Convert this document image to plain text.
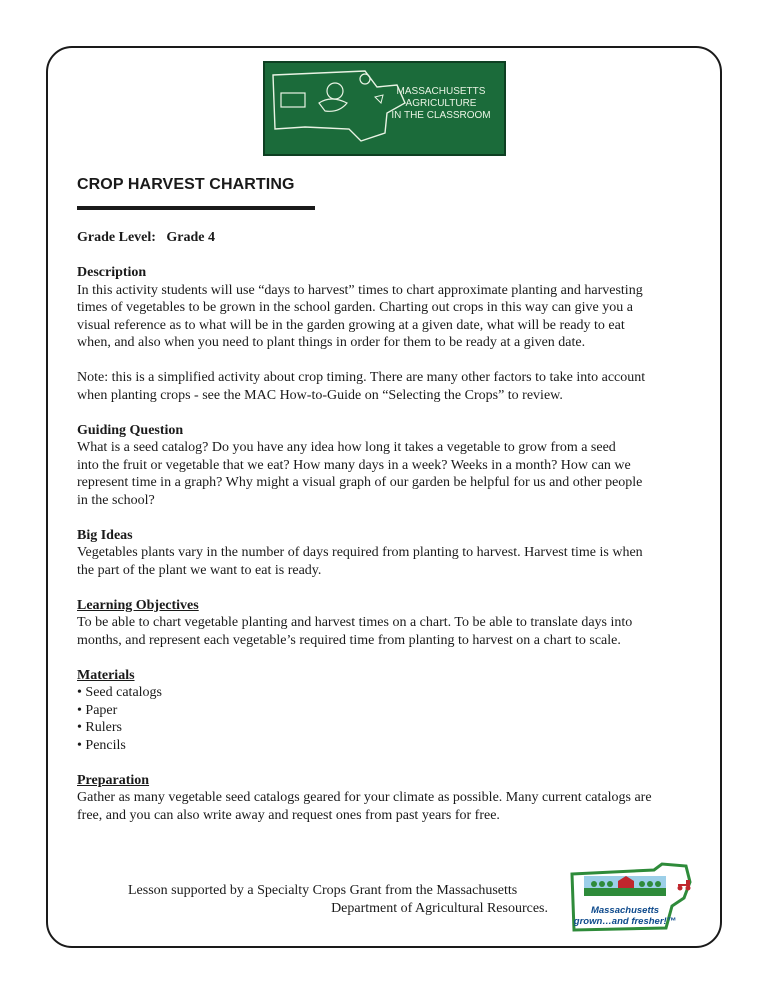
MASSACHUSETTS
AGRICULTURE
IN THE CLASSROOM
CROP HARVEST CHARTING
Grade Level: Grade 4

Description

In this activity students will use “days to harvest” times to chart approximate planting and harvesting

times of vegetables to be grown in the school garden. Charting out crops in this way can give you a

visual reference as to what will be in the garden growing at a given date, what will be ready to eat

when, and also when you need to plant things in order for them to be ready at a given date.

Note: this is a simplified activity about crop timing. There are many other factors to take into account

when planting crops - see the MAC How-to-Guide on “Selecting the Crops” to review.

Guiding Question

What is a seed catalog? Do you have any idea how long it takes a vegetable to grow from a seed

into the fruit or vegetable that we eat? How many days in a week? Weeks in a month? How can we

represent time in a graph? Why might a visual graph of our garden be helpful for us and other people

in the school?

Big Ideas

Vegetables plants vary in the number of days required from planting to harvest. Harvest time is when

the part of the plant we want to eat is ready.

Learning Objectives

To be able to chart vegetable planting and harvest times on a chart. To be able to translate days into

months, and represent each vegetable’s required time from planting to harvest on a chart to scale.

Materials

• Seed catalogs
• Paper
• Rulers
• Pencils

Preparation

Gather as many vegetable seed catalogs geared for your climate as possible. Many current catalogs are

free, and you can also write away and request ones from past years for free.

Lesson supported by a Specialty Crops Grant from the Massachusetts
Department of Agricultural Resources.	Massachusetts
grown…and fresher!™
